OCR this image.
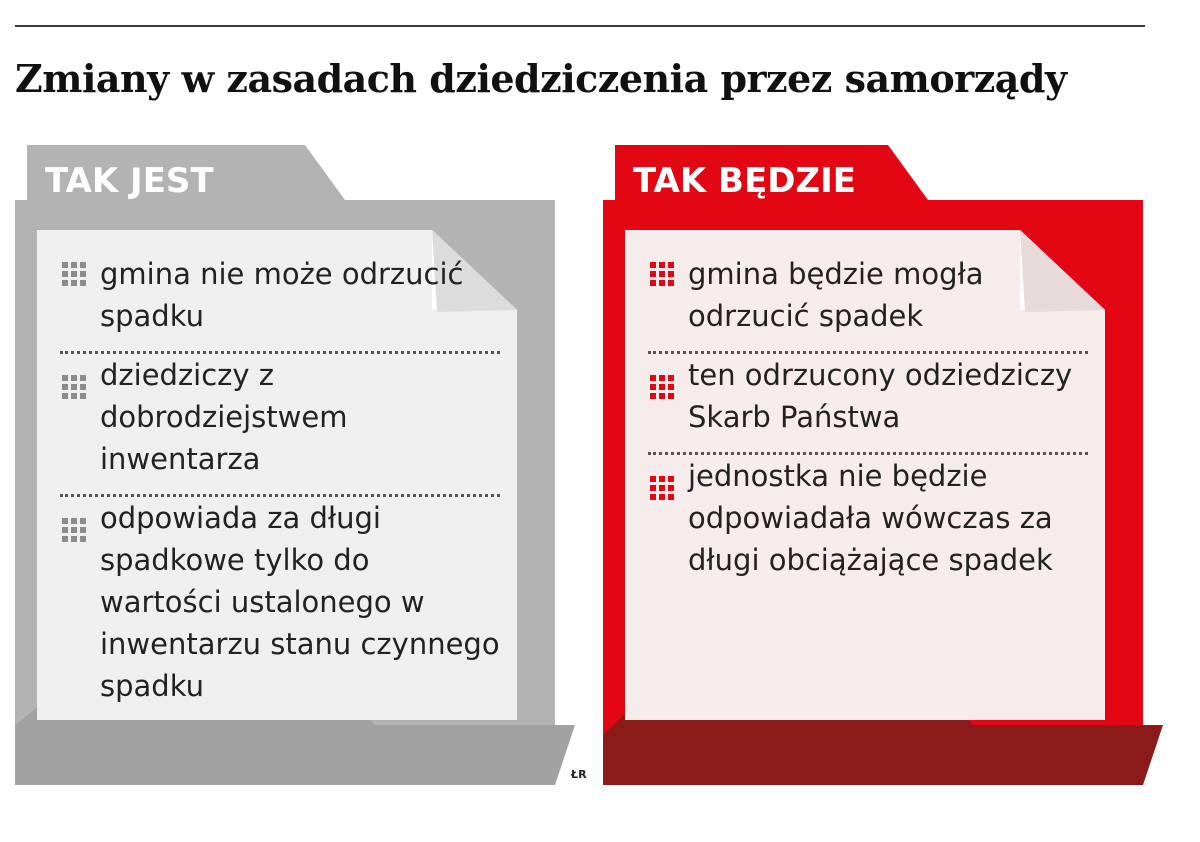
Zmiany w zasadach dziedziczenia przez samorządy
TAK JEST
gmina nie może odrzucić spadku
dziedziczy z dobrodziejstwem inwentarza
odpowiada za długi spadkowe tylko do wartości ustalonego w inwentarzu stanu czynnego spadku
TAK BĘDZIE
gmina będzie mogła odrzucić spadek
ten odrzucony odziedziczy Skarb Państwa
jednostka nie będzie odpowiadała wówczas za długi obciążające spadek
ŁR
